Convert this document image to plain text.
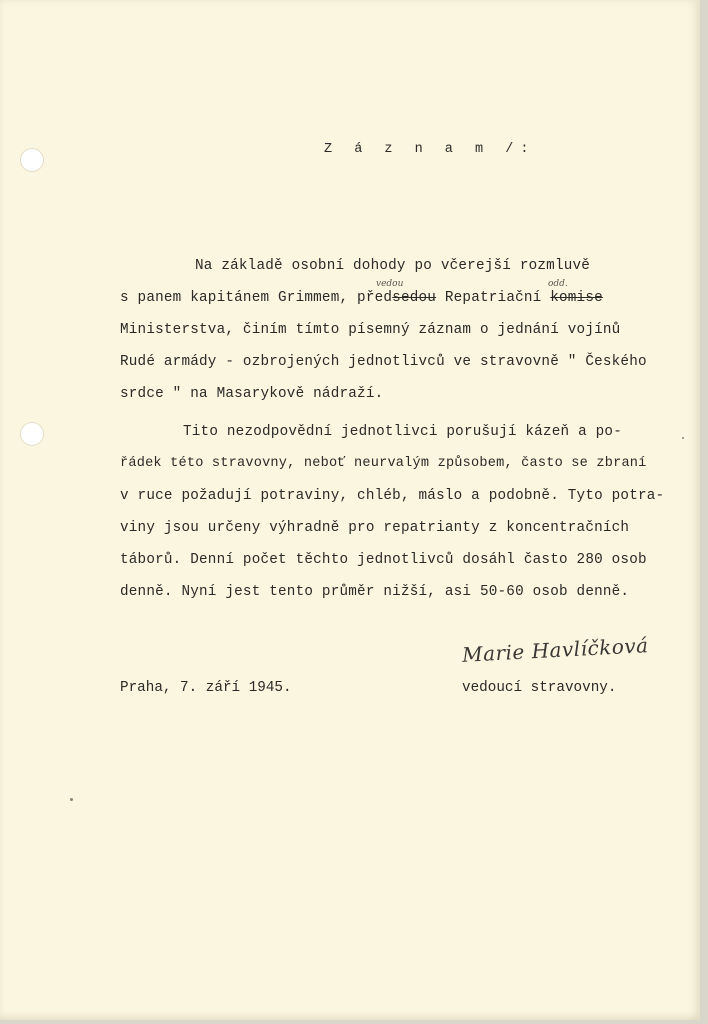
Z á z n a m /:
Na základě osobní dohody po včerejší rozmluvě
s panem kapitánem Grimmem, předsedou Repatriační komise
vedou	odd.
Ministerstva, činím tímto písemný záznam o jednání vojínů
Rudé armády - ozbrojených jednotlivců ve stravovně " Českého
srdce " na Masarykově nádraží.
Tito nezodpovědní jednotlivci porušují kázeň a po-
řádek této stravovny, neboť neurvalým způsobem, často se zbraní
v ruce požadují potraviny, chléb, máslo a podobně. Tyto potra-
viny jsou určeny výhradně pro repatrianty z koncentračních
táborů. Denní počet těchto jednotlivců dosáhl často 280 osob
denně. Nyní jest tento průměr nižší, asi 50-60 osob denně.
Praha, 7. září 1945.
Marie Havlíčková
vedoucí stravovny.
